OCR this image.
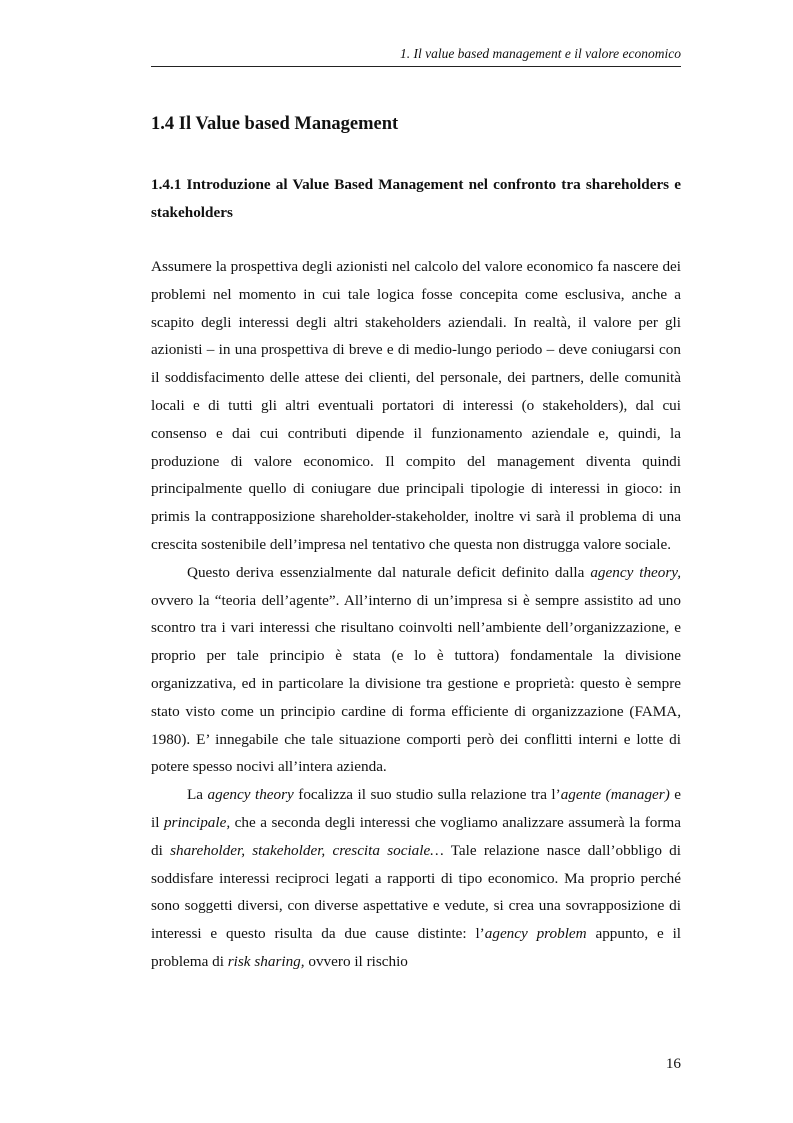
1. Il value based management e il valore economico
1.4 Il Value based Management
1.4.1 Introduzione al Value Based Management nel confronto tra shareholders e stakeholders

Assumere la prospettiva degli azionisti nel calcolo del valore economico fa nascere dei problemi nel momento in cui tale logica fosse concepita come esclusiva, anche a scapito degli interessi degli altri stakeholders aziendali. In realtà, il valore per gli azionisti – in una prospettiva di breve e di medio-lungo periodo – deve coniugarsi con il soddisfacimento delle attese dei clienti, del personale, dei partners, delle comunità locali e di tutti gli altri eventuali portatori di interessi (o stakeholders), dal cui consenso e dai cui contributi dipende il funzionamento aziendale e, quindi, la produzione di valore economico. Il compito del management diventa quindi principalmente quello di coniugare due principali tipologie di interessi in gioco: in primis la contrapposizione shareholder-stakeholder, inoltre vi sarà il problema di una crescita sostenibile dell’impresa nel tentativo che questa non distrugga valore sociale.

Questo deriva essenzialmente dal naturale deficit definito dalla agency theory, ovvero la “teoria dell’agente”. All’interno di un’impresa si è sempre assistito ad uno scontro tra i vari interessi che risultano coinvolti nell’ambiente dell’organizzazione, e proprio per tale principio è stata (e lo è tuttora) fondamentale la divisione organizzativa, ed in particolare la divisione tra gestione e proprietà: questo è sempre stato visto come un principio cardine di forma efficiente di organizzazione (FAMA, 1980). E’ innegabile che tale situazione comporti però dei conflitti interni e lotte di potere spesso nocivi all’intera azienda.

La agency theory focalizza il suo studio sulla relazione tra l’agente (manager) e il principale, che a seconda degli interessi che vogliamo analizzare assumerà la forma di shareholder, stakeholder, crescita sociale… Tale relazione nasce dall’obbligo di soddisfare interessi reciproci legati a rapporti di tipo economico. Ma proprio perché sono soggetti diversi, con diverse aspettative e vedute, si crea una sovrapposizione di interessi e questo risulta da due cause distinte: l’agency problem appunto, e il problema di risk sharing, ovvero il rischio

16
